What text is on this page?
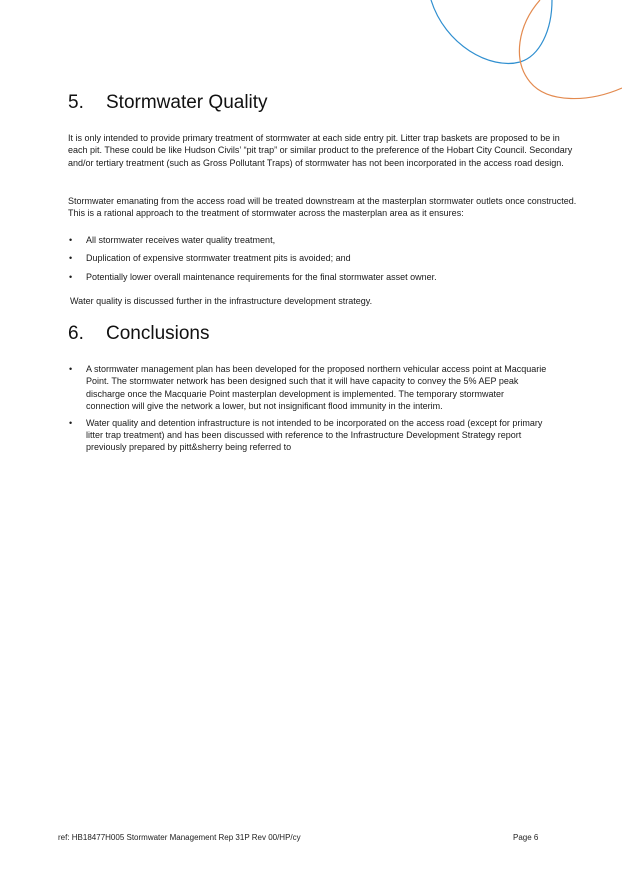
5. Stormwater Quality

It is only intended to provide primary treatment of stormwater at each side entry pit. Litter trap baskets are proposed to be in each pit. These could be like Hudson Civils’ “pit trap” or similar product to the preference of the Hobart City Council. Secondary and/or tertiary treatment (such as Gross Pollutant Traps) of stormwater has not been incorporated in the access road design.

Stormwater emanating from the access road will be treated downstream at the masterplan stormwater outlets once constructed. This is a rational approach to the treatment of stormwater across the masterplan area as it ensures:

• All stormwater receives water quality treatment,
• Duplication of expensive stormwater treatment pits is avoided; and
• Potentially lower overall maintenance requirements for the final stormwater asset owner.

Water quality is discussed further in the infrastructure development strategy.

6. Conclusions
• A stormwater management plan has been developed for the proposed northern vehicular access point at Macquarie Point. The stormwater network has been designed such that it will have capacity to convey the 5% AEP peak discharge once the Macquarie Point masterplan development is implemented. The temporary stormwater connection will give the network a lower, but not insignificant flood immunity in the interim.
• Water quality and detention infrastructure is not intended to be incorporated on the access road (except for primary litter trap treatment) and has been discussed with reference to the Infrastructure Development Strategy report previously prepared by pitt&sherry being referred to
ref: HB18477H005 Stormwater Management Rep 31P Rev 00/HP/cy	Page 6
